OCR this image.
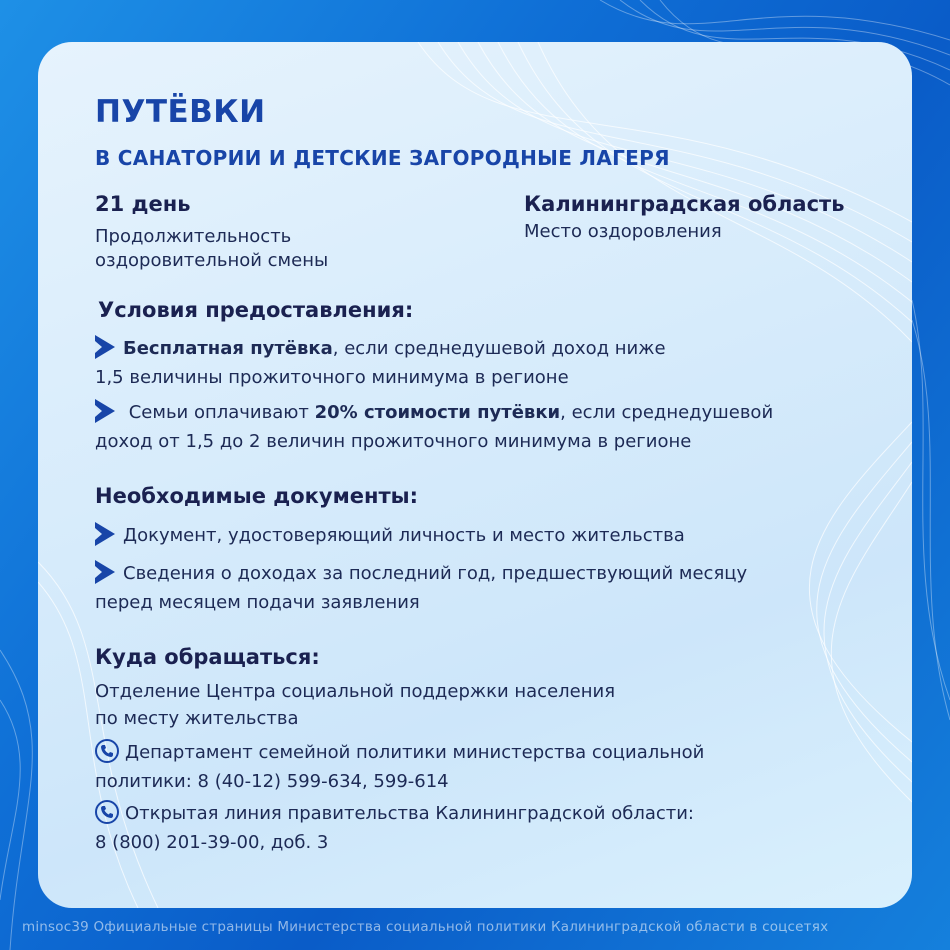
ПУТЁВКИ
В САНАТОРИИ И ДЕТСКИЕ ЗАГОРОДНЫЕ ЛАГЕРЯ
21 день
Продолжительность
оздоровительной смены
Калининградская область
Место оздоровления
Условия предоставления:
Бесплатная путёвка, если среднедушевой доход ниже
1,5 величины прожиточного минимума в регионе
Семьи оплачивают 20% стоимости путёвки, если среднедушевой
доход от 1,5 до 2 величин прожиточного минимума в регионе
Необходимые документы:
Документ, удостоверяющий личность и место жительства
Сведения о доходах за последний год, предшествующий месяцу
перед месяцем подачи заявления
Куда обращаться:
Отделение Центра социальной поддержки населения
по месту жительства
Департамент семейной политики министерства социальной
политики: 8 (40-12) 599-634, 599-614
Открытая линия правительства Калининградской области:
8 (800) 201-39-00, доб. 3
minsoc39 Официальные страницы Министерства социальной политики Калининградской области в соцсетях
